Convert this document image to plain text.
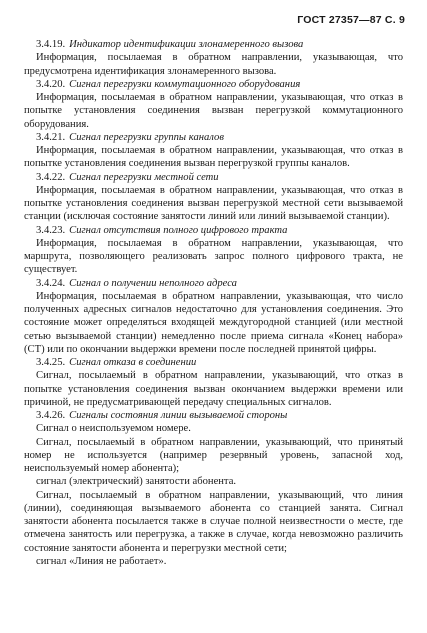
ГОСТ 27357—87 С. 9

3.4.19. Индикатор идентификации злонамеренного вызова

Информация, посылаемая в обратном направлении, указывающая, что предусмотрена идентификация злонамеренного вызова.

3.4.20. Сигнал перегрузки коммутационного оборудования

Информация, посылаемая в обратном направлении, указывающая, что отказ в попытке установления соединения вызван перегрузкой коммутационного оборудования.

3.4.21. Сигнал перегрузки группы каналов

Информация, посылаемая в обратном направлении, указывающая, что отказ в попытке установления соединения вызван перегрузкой группы каналов.

3.4.22. Сигнал перегрузки местной сети

Информация, посылаемая в обратном направлении, указывающая, что отказ в попытке установления соединения вызван перегрузкой местной сети вызываемой станции (исключая состояние занятости линий или линий вызываемой станции).

3.4.23. Сигнал отсутствия полного цифрового тракта

Информация, посылаемая в обратном направлении, указывающая, что маршрута, позволяющего реализовать запрос полного цифрового тракта, не существует.

3.4.24. Сигнал о получении неполного адреса

Информация, посылаемая в обратном направлении, указывающая, что число полученных адресных сигналов недостаточно для установления соединения. Это состояние может определяться входящей междугородной станцией (или местной сетью вызываемой станции) немедленно после приема сигнала «Конец набора» (СТ) или по окончании выдержки времени после последней принятой цифры.

3.4.25. Сигнал отказа в соединении

Сигнал, посылаемый в обратном направлении, указывающий, что отказ в попытке установления соединения вызван окончанием выдержки времени или причиной, не предусматривающей передачу специальных сигналов.

3.4.26. Сигналы состояния линии вызываемой стороны

Сигнал о неиспользуемом номере.

Сигнал, посылаемый в обратном направлении, указывающий, что принятый номер не используется (например резервный уровень, запасной ход, неиспользуемый номер абонента);

сигнал (электрический) занятости абонента.

Сигнал, посылаемый в обратном направлении, указывающий, что линия (линии), соединяющая вызываемого абонента со станцией занята. Сигнал занятости абонента посылается также в случае полной неизвестности о месте, где отмечена занятость или перегрузка, а также в случае, когда невозможно различить состояние занятости абонента и перегрузки местной сети;

сигнал «Линия не работает».
